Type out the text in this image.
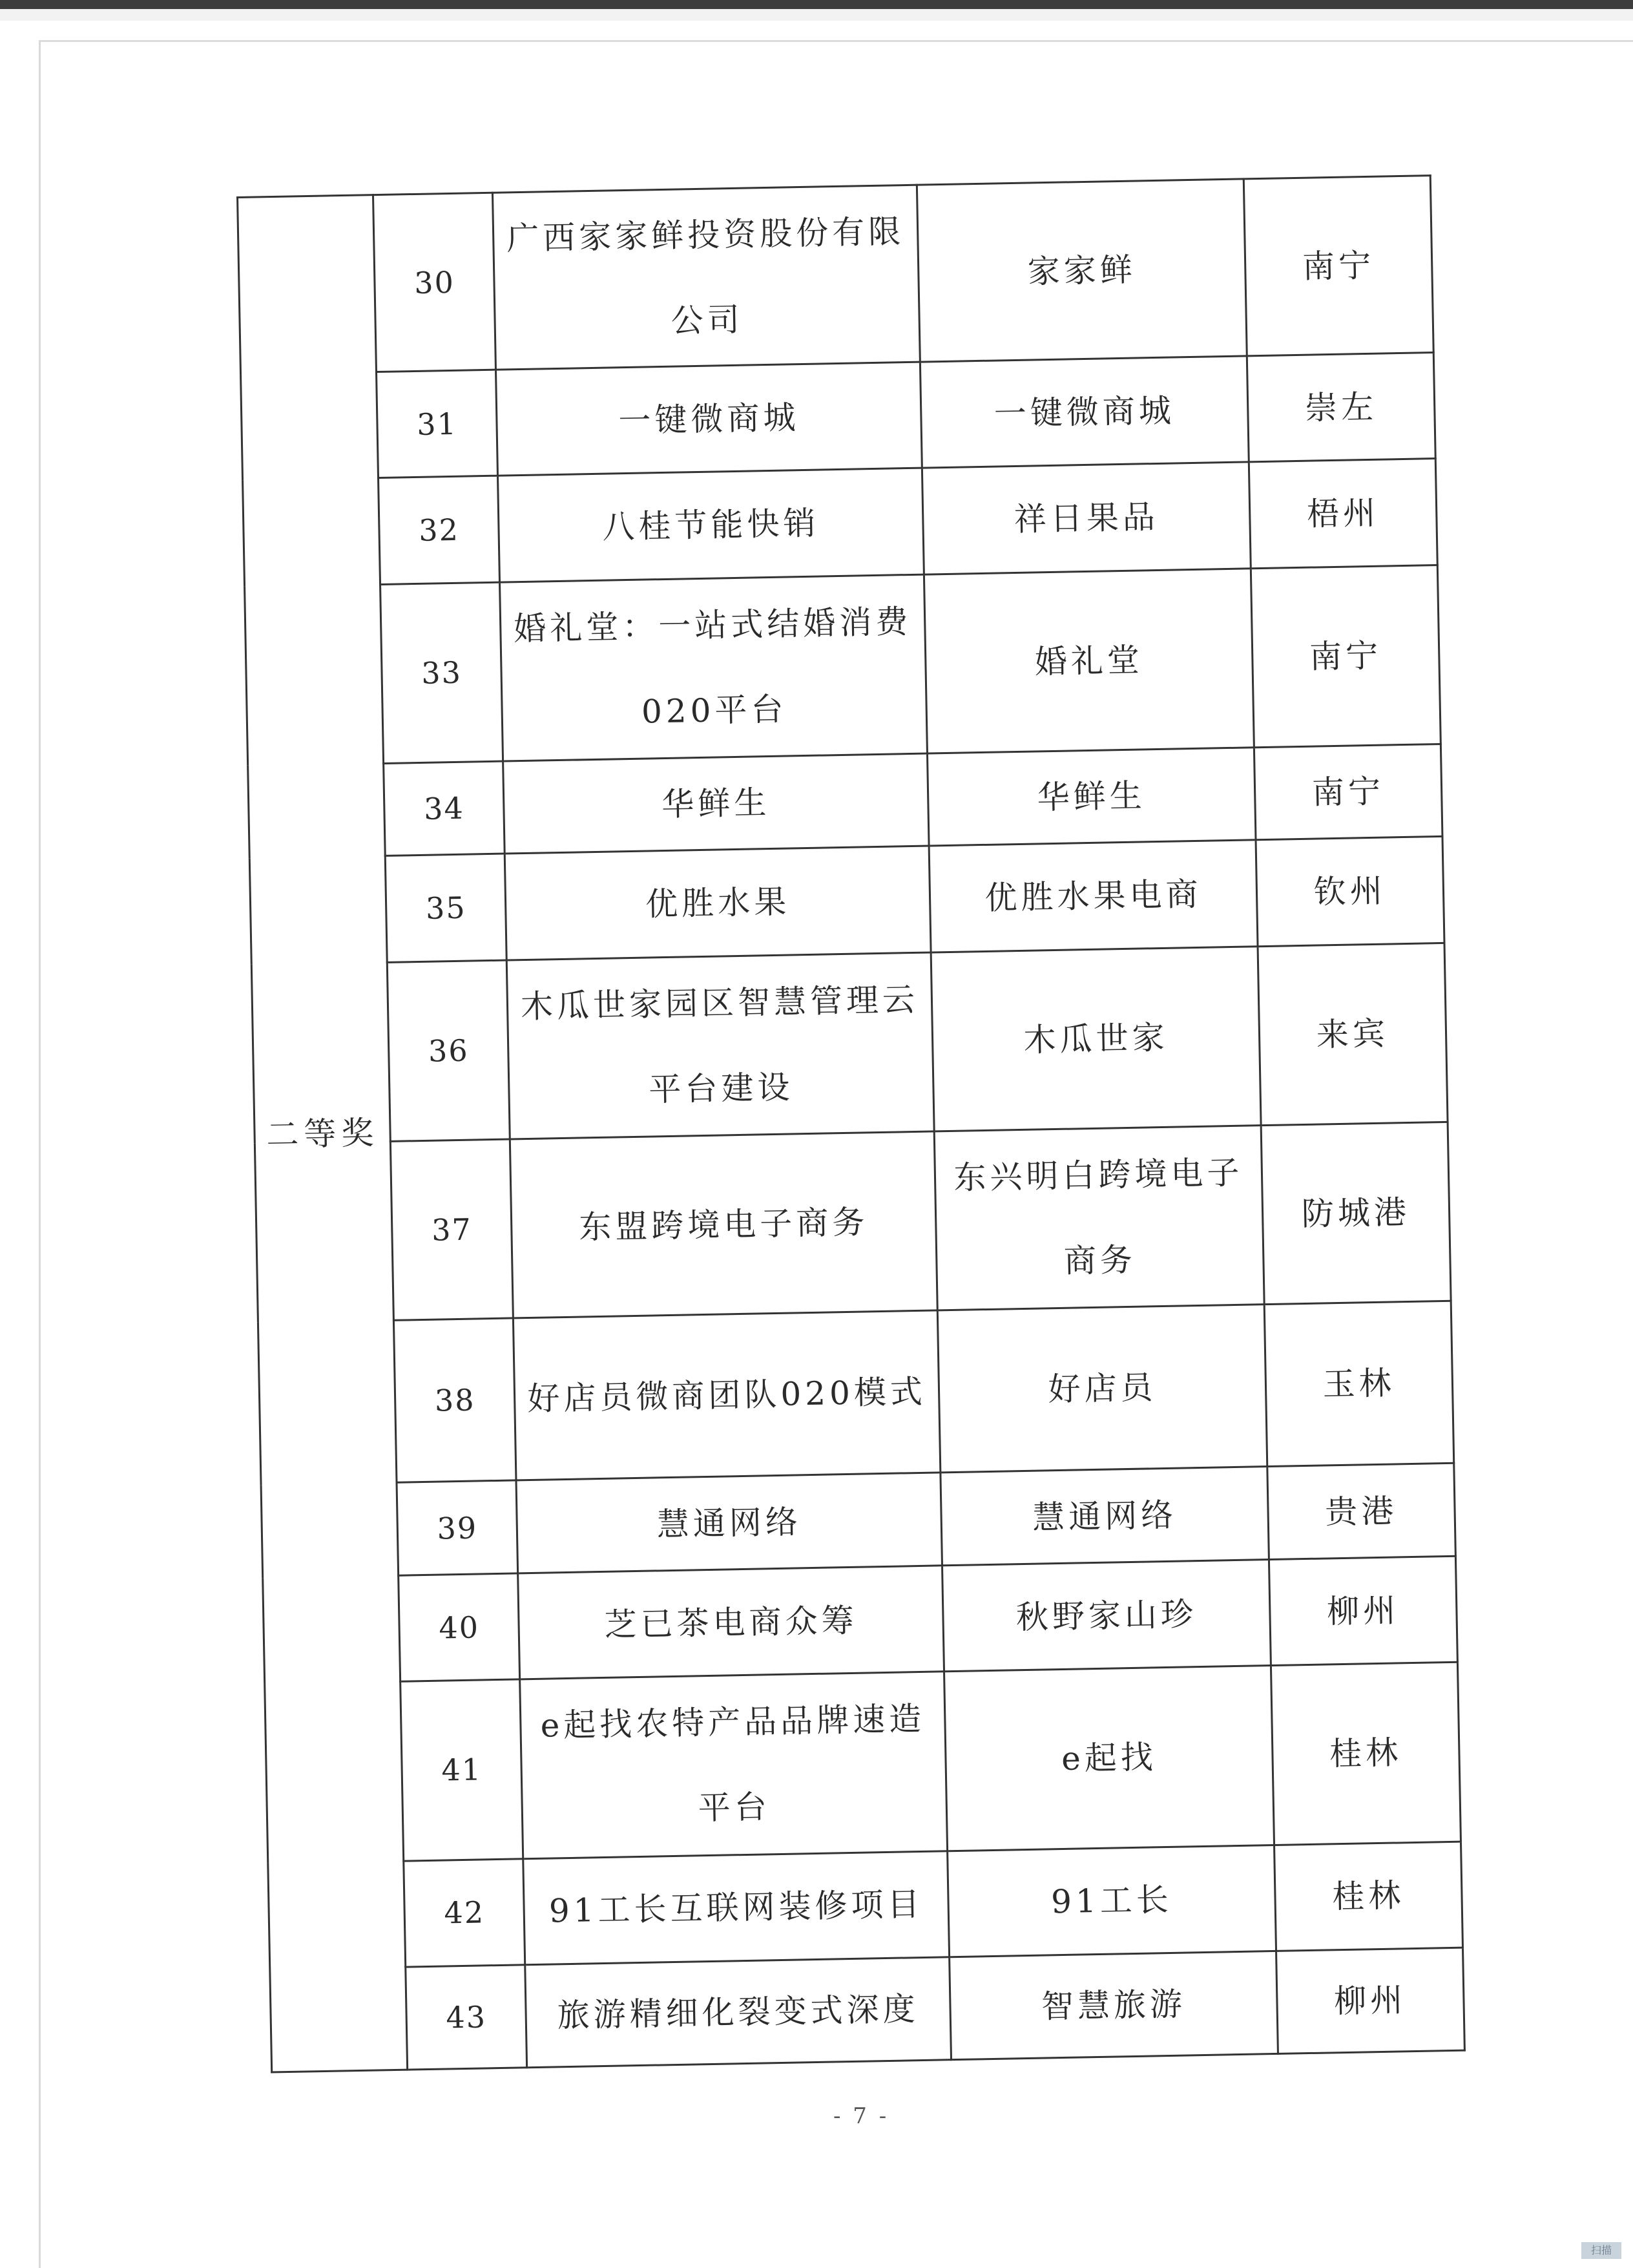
二等奖	30	广西家家鲜投资股份有限公司	家家鲜	南宁
	31	一键微商城	一键微商城	崇左
	32	八桂节能快销	祥日果品	梧州
	33	婚礼堂：一站式结婚消费020平台	婚礼堂	南宁
	34	华鲜生	华鲜生	南宁
	35	优胜水果	优胜水果电商	钦州
	36	木瓜世家园区智慧管理云平台建设	木瓜世家	来宾
	37	东盟跨境电子商务	东兴明白跨境电子商务	防城港
	38	好店员微商团队020模式	好店员	玉林
	39	慧通网络	慧通网络	贵港
	40	芝已茶电商众筹	秋野家山珍	柳州
	41	e起找农特产品品牌速造平台	e起找	桂林
	42	91工长互联网装修项目	91工长	桂林
	43	旅游精细化裂变式深度	智慧旅游	柳州
- 7 -
扫描
